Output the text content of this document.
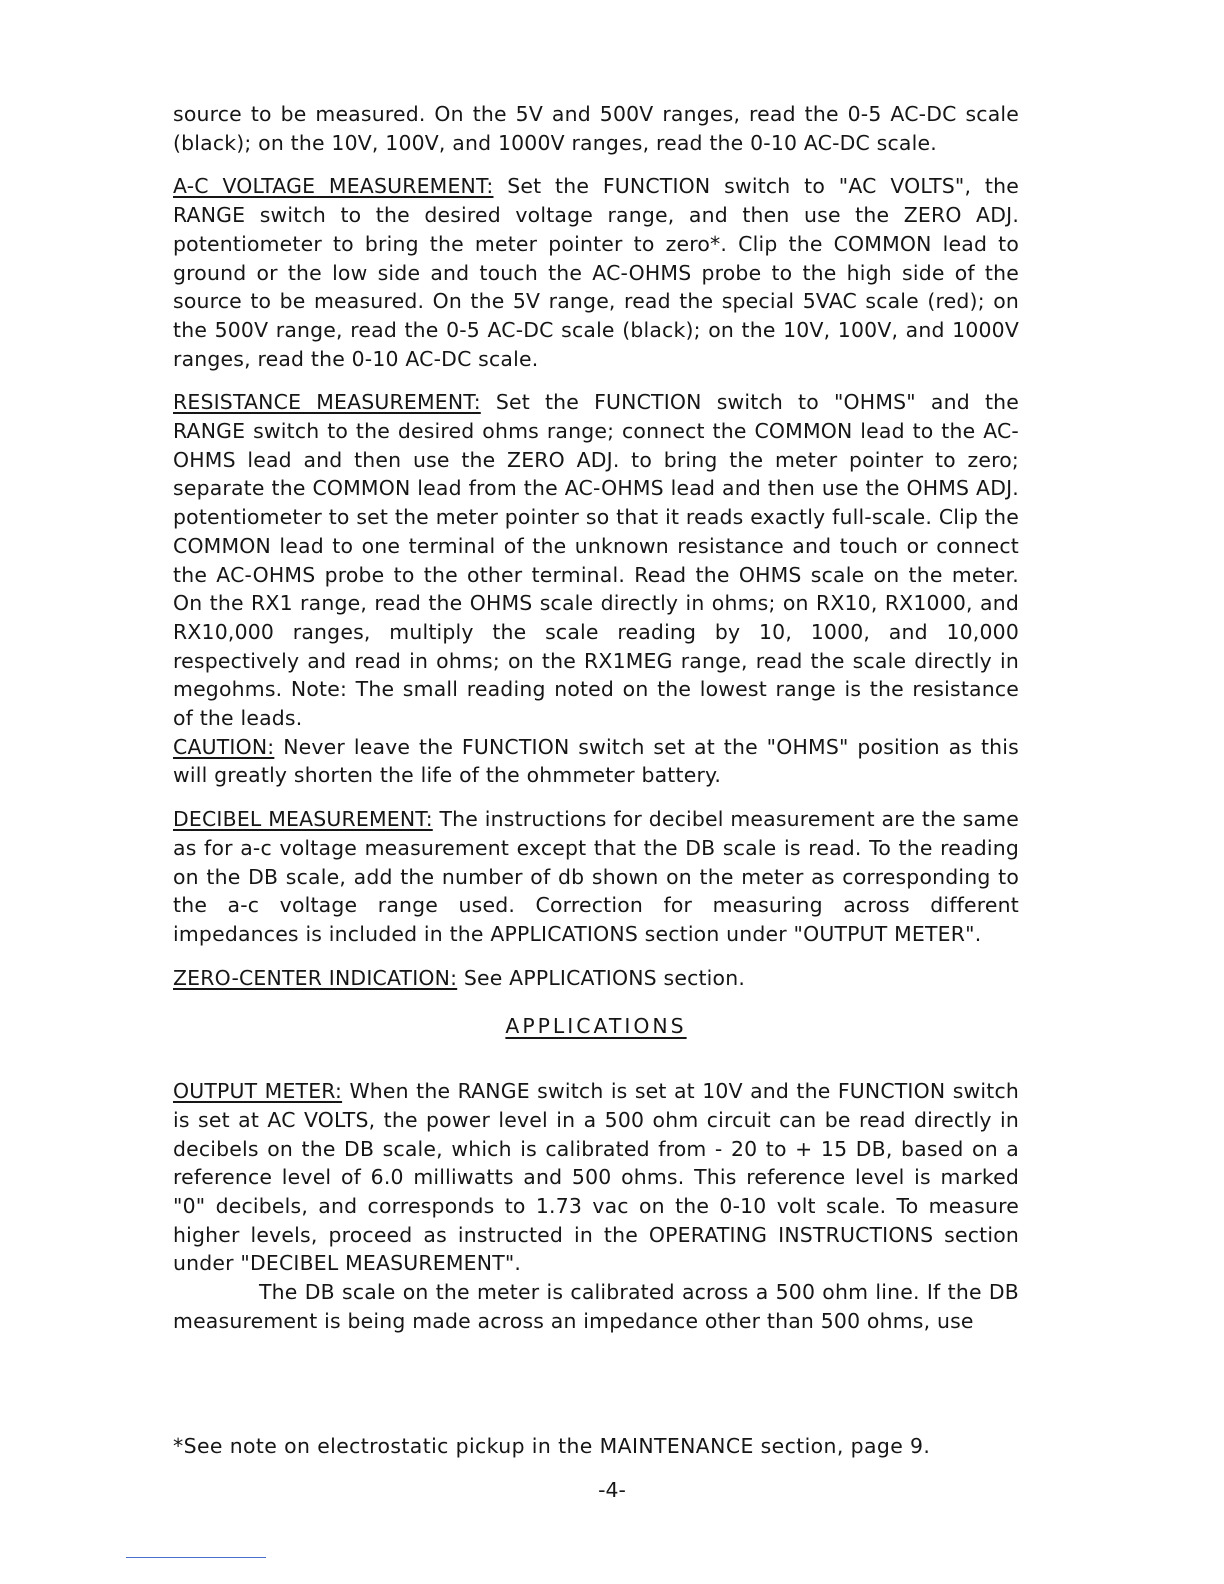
source to be measured. On the 5V and 500V ranges, read the 0-5 AC-DC scale (black); on the 10V, 100V, and 1000V ranges, read the 0-10 AC-DC scale.

A-C VOLTAGE MEASUREMENT: Set the FUNCTION switch to "AC VOLTS", the RANGE switch to the desired voltage range, and then use the ZERO ADJ. potentiometer to bring the meter pointer to zero*. Clip the COMMON lead to ground or the low side and touch the AC-OHMS probe to the high side of the source to be measured. On the 5V range, read the special 5VAC scale (red); on the 500V range, read the 0-5 AC-DC scale (black); on the 10V, 100V, and 1000V ranges, read the 0-10 AC-DC scale.

RESISTANCE MEASUREMENT: Set the FUNCTION switch to "OHMS" and the RANGE switch to the desired ohms range; connect the COMMON lead to the AC-OHMS lead and then use the ZERO ADJ. to bring the meter pointer to zero; separate the COMMON lead from the AC-OHMS lead and then use the OHMS ADJ. potentiometer to set the meter pointer so that it reads exactly full-scale. Clip the COMMON lead to one terminal of the unknown resistance and touch or connect the AC-OHMS probe to the other terminal. Read the OHMS scale on the meter. On the RX1 range, read the OHMS scale directly in ohms; on RX10, RX1000, and RX10,000 ranges, multiply the scale reading by 10, 1000, and 10,000 respectively and read in ohms; on the RX1MEG range, read the scale directly in megohms. Note: The small reading noted on the lowest range is the resistance of the leads.

CAUTION: Never leave the FUNCTION switch set at the "OHMS" position as this will greatly shorten the life of the ohmmeter battery.

DECIBEL MEASUREMENT: The instructions for decibel measurement are the same as for a-c voltage measurement except that the DB scale is read. To the reading on the DB scale, add the number of db shown on the meter as corresponding to the a-c voltage range used. Correction for measuring across different impedances is included in the APPLICATIONS section under "OUTPUT METER".

ZERO-CENTER INDICATION: See APPLICATIONS section.

APPLICATIONS

OUTPUT METER: When the RANGE switch is set at 10V and the FUNCTION switch is set at AC VOLTS, the power level in a 500 ohm circuit can be read directly in decibels on the DB scale, which is calibrated from - 20 to + 15 DB, based on a reference level of 6.0 milliwatts and 500 ohms. This reference level is marked "0" decibels, and corresponds to 1.73 vac on the 0-10 volt scale. To measure higher levels, proceed as instructed in the OPERATING INSTRUCTIONS section under "DECIBEL MEASUREMENT".

The DB scale on the meter is calibrated across a 500 ohm line. If the DB measurement is being made across an impedance other than 500 ohms, use

*See note on electrostatic pickup in the MAINTENANCE section, page 9.
-4-
